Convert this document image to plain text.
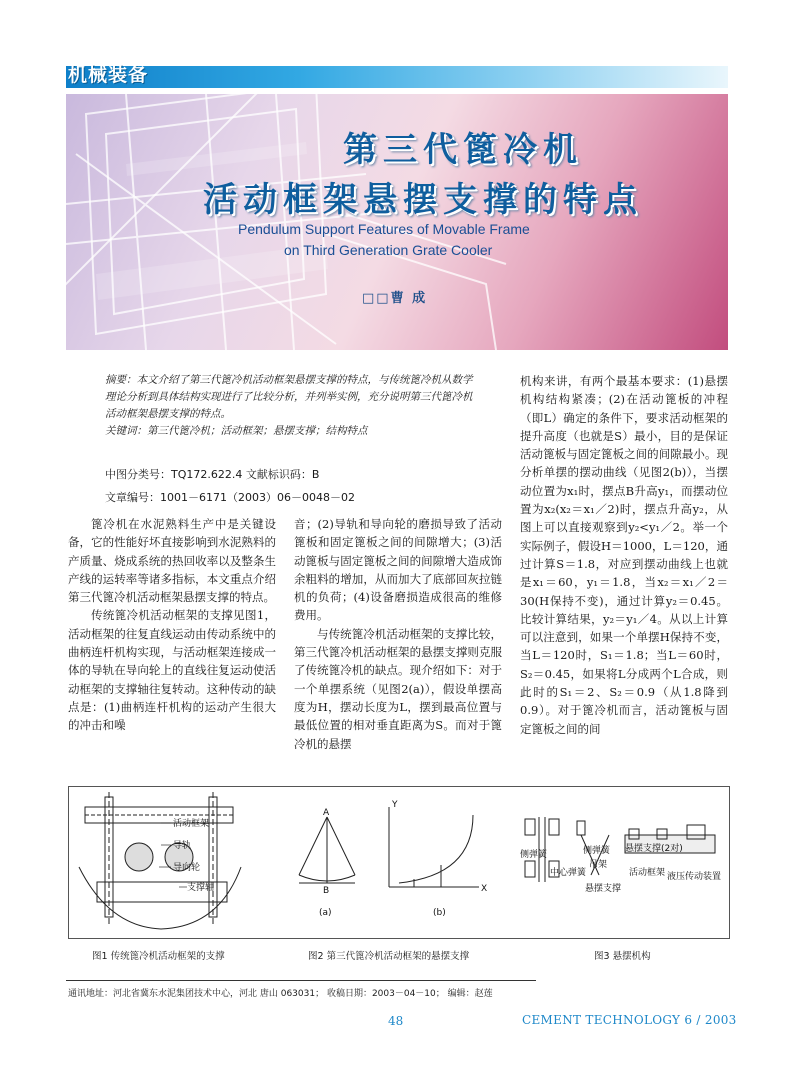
机械装备
第三代篦冷机
活动框架悬摆支撑的特点
Pendulum Support Features of Movable Frame
on Third Generation Grate Cooler
□□曹 成

摘要：本文介绍了第三代篦冷机活动框架悬摆支撑的特点，与传统篦冷机从数学理论分析到具体结构实现进行了比较分析，并列举实例，充分说明第三代篦冷机活动框架悬摆支撑的特点。

关键词：第三代篦冷机；活动框架；悬摆支撑；结构特点

中图分类号：TQ172.622.4 文献标识码：B
文章编号：1001－6171（2003）06－0048－02

篦冷机在水泥熟料生产中是关键设备，它的性能好坏直接影响到水泥熟料的产质量、烧成系统的热回收率以及整条生产线的运转率等诸多指标，本文重点介绍第三代篦冷机活动框架悬摆支撑的特点。

传统篦冷机活动框架的支撑见图1，活动框架的往复直线运动由传动系统中的曲柄连杆机构实现，与活动框架连接成一体的导轨在导向轮上的直线往复运动使活动框架的支撑轴往复转动。这种传动的缺点是：(1)曲柄连杆机构的运动产生很大的冲击和噪

音；(2)导轨和导向轮的磨损导致了活动篦板和固定篦板之间的间隙增大；(3)活动篦板与固定篦板之间的间隙增大造成饰余粗料的增加，从而加大了底部回灰拉链机的负荷；(4)设备磨损造成很高的维修费用。

与传统篦冷机活动框架的支撑比较，第三代篦冷机活动框架的悬摆支撑则克服了传统篦冷机的缺点。现介绍如下：对于一个单摆系统（见图2(a)），假设单摆高度为H，摆动长度为L，摆到最高位置与最低位置的相对垂直距离为S。而对于篦冷机的悬摆

机构来讲，有两个最基本要求：(1)悬摆机构结构紧凑；(2)在活动篦板的冲程（即L）确定的条件下，要求活动框架的提升高度（也就是S）最小，目的是保证活动篦板与固定篦板之间的间隙最小。现分析单摆的摆动曲线（见图2(b)），当摆动位置为x₁时，摆点B升高y₁，而摆动位置为x₂(x₂＝x₁／2)时，摆点升高y₂，从图上可以直接观察到y₂<y₁／2。举一个实际例子，假设H＝1000，L＝120，通过计算S＝1.8，对应到摆动曲线上也就是x₁＝60，y₁＝1.8，当x₂＝x₁／2＝30(H保持不变)，通过计算y₂＝0.45。比较计算结果，y₂＝y₁／4。从以上计算可以注意到，如果一个单摆H保持不变，当L＝120时，S₁＝1.8；当L＝60时，S₂＝0.45，如果将L分成两个L合成，则此时的S₁＝2、S₂＝0.9（从1.8降到0.9）。对于篦冷机而言，活动篦板与固定篦板之间的间

活动框架
导轨
导向轮
支撑轴
A
B
(a)
Y
X
(b)
侧弹簧	侧弹簧
吊架
中心弹簧
悬摆支撑(2对)
活动框架 液压传动装置
悬摆支撑
图1 传统篦冷机活动框架的支撑	图2 第三代篦冷机活动框架的悬摆支撑	图3 悬摆机构
通讯地址：河北省冀东水泥集团技术中心，河北 唐山 063031； 收稿日期：2003－04－10； 编辑：赵莲
48	CEMENT TECHNOLOGY 6 / 2003
